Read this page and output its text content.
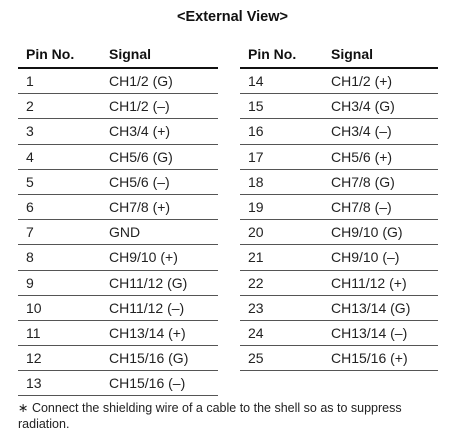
<External View>
Pin No.	Signal
1	CH1/2 (G)
2	CH1/2 (–)
3	CH3/4 (+)
4	CH5/6 (G)
5	CH5/6 (–)
6	CH7/8 (+)
7	GND
8	CH9/10 (+)
9	CH11/12 (G)
10	CH11/12 (–)
11	CH13/14 (+)
12	CH15/16 (G)
13	CH15/16 (–)
Pin No.	Signal
14	CH1/2 (+)
15	CH3/4 (G)
16	CH3/4 (–)
17	CH5/6 (+)
18	CH7/8 (G)
19	CH7/8 (–)
20	CH9/10 (G)
21	CH9/10 (–)
22	CH11/12 (+)
23	CH13/14 (G)
24	CH13/14 (–)
25	CH15/16 (+)
∗ Connect the shielding wire of a cable to the shell so as to suppress radiation.
